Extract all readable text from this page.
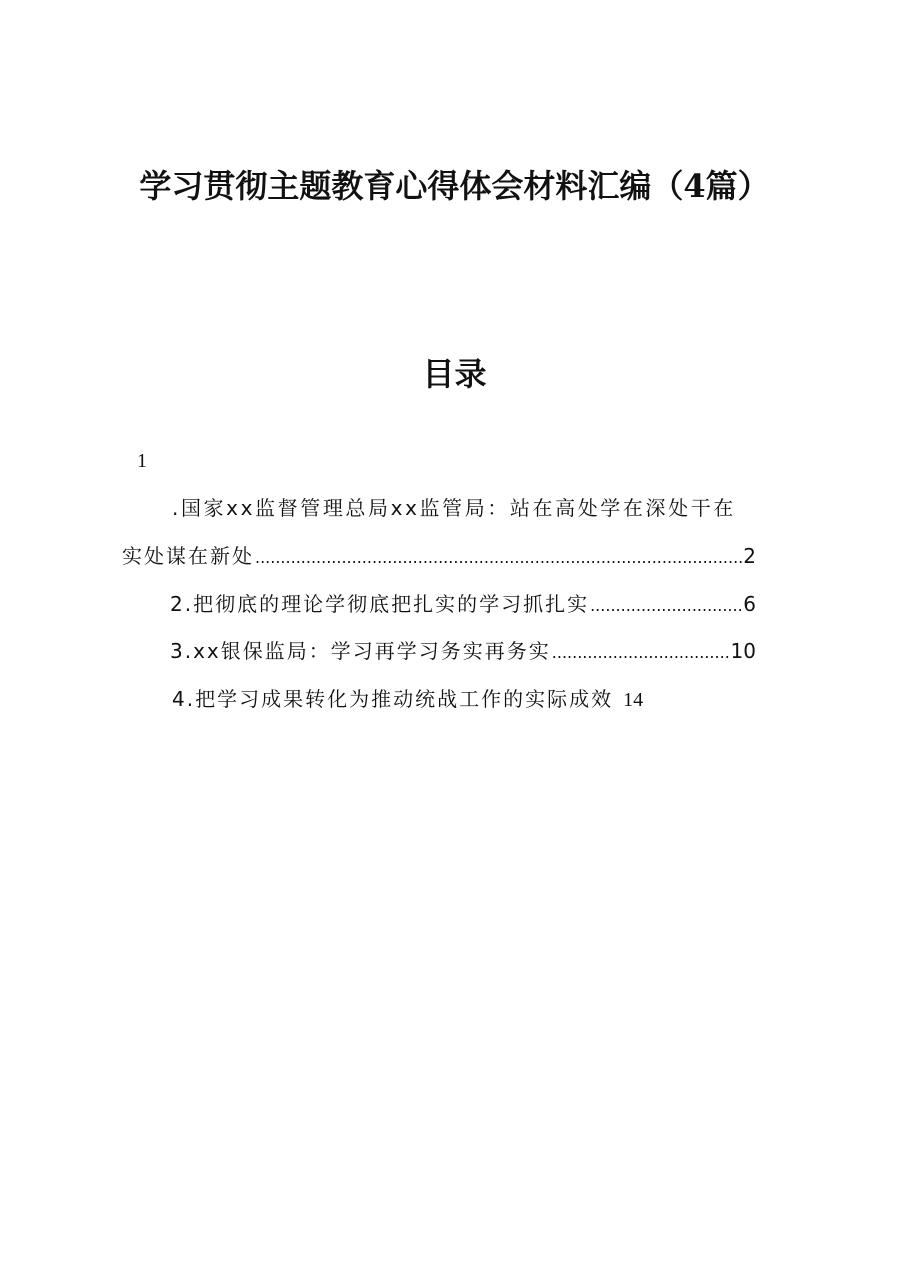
学习贯彻主题教育心得体会材料汇编（4篇）
目录
1
.国家xx监督管理总局xx监管局：站在高处学在深处干在
实处谋在新处 .....	2
2.把彻底的理论学彻底把扎实的学习抓扎实 .....	6
3.xx银保监局：学习再学习务实再务实 .....	10
4.把学习成果转化为推动统战工作的实际成效 14
